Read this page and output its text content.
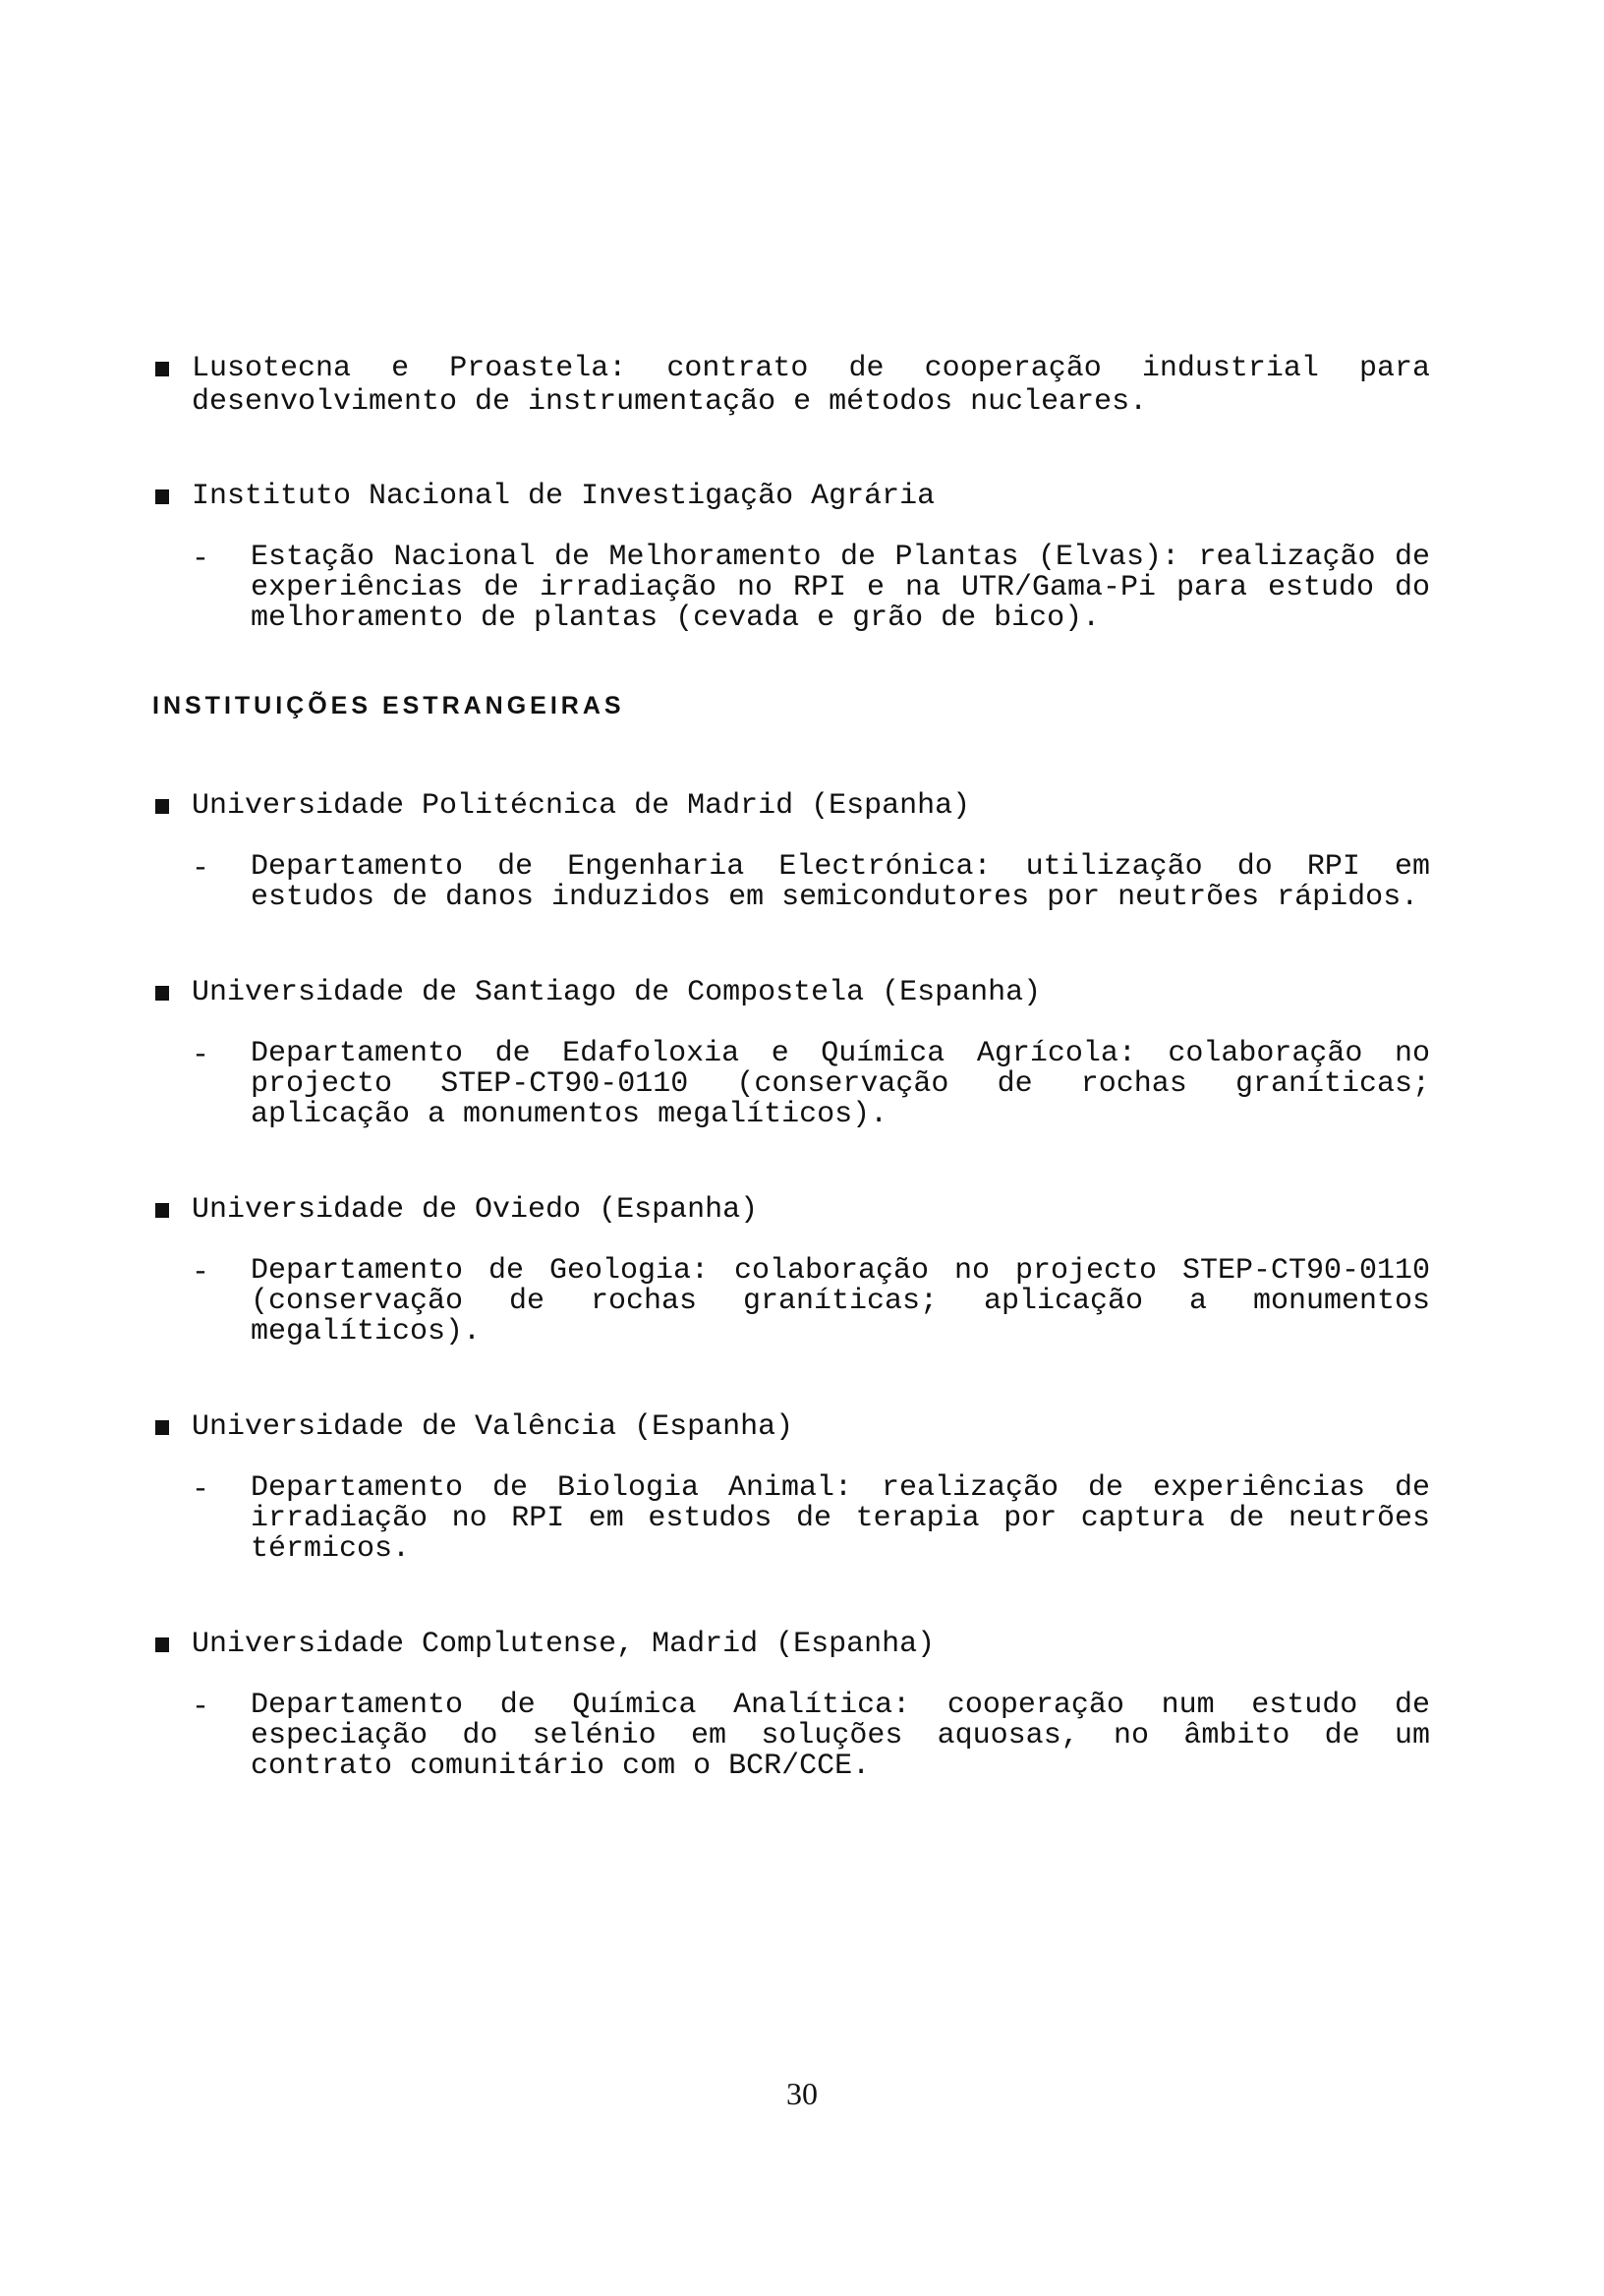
Lusotecna e Proastela: contrato de cooperação industrial para desenvolvimento de instrumentação e métodos nucleares.
Instituto Nacional de Investigação Agrária
- Estação Nacional de Melhoramento de Plantas (Elvas): realização de experiências de irradiação no RPI e na UTR/Gama-Pi para estudo do melhoramento de plantas (cevada e grão de bico).
INSTITUIÇÕES ESTRANGEIRAS
Universidade Politécnica de Madrid (Espanha)
- Departamento de Engenharia Electrónica: utilização do RPI em estudos de danos induzidos em semicondutores por neutrões rápidos.
Universidade de Santiago de Compostela (Espanha)
- Departamento de Edafoloxia e Química Agrícola: colaboração no projecto STEP-CT90-0110 (conservação de rochas graníticas; aplicação a monumentos megalíticos).
Universidade de Oviedo (Espanha)
- Departamento de Geologia: colaboração no projecto STEP-CT90-0110 (conservação de rochas graníticas; aplicação a monumentos megalíticos).
Universidade de Valência (Espanha)
- Departamento de Biologia Animal: realização de experiências de irradiação no RPI em estudos de terapia por captura de neutrões térmicos.
Universidade Complutense, Madrid (Espanha)
- Departamento de Química Analítica: cooperação num estudo de especiação do selénio em soluções aquosas, no âmbito de um contrato comunitário com o BCR/CCE.
30
